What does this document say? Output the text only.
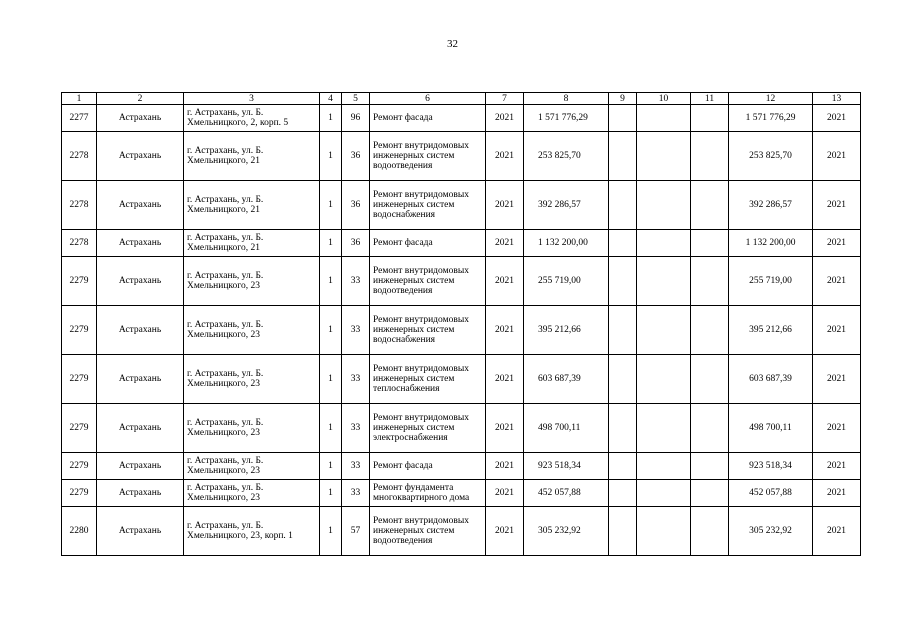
32
1	2	3	4	5	6	7	8	9	10	11	12	13
2277	Астрахань	г. Астрахань, ул. Б. Хмельницкого, 2, корп. 5	1	96	Ремонт фасада	2021	1 571 776,29				1 571 776,29	2021
2278	Астрахань	г. Астрахань, ул. Б. Хмельницкого, 21	1	36	Ремонт внутридомовых инженерных систем водоотведения	2021	253 825,70				253 825,70	2021
2278	Астрахань	г. Астрахань, ул. Б. Хмельницкого, 21	1	36	Ремонт внутридомовых инженерных систем водоснабжения	2021	392 286,57				392 286,57	2021
2278	Астрахань	г. Астрахань, ул. Б. Хмельницкого, 21	1	36	Ремонт фасада	2021	1 132 200,00				1 132 200,00	2021
2279	Астрахань	г. Астрахань, ул. Б. Хмельницкого, 23	1	33	Ремонт внутридомовых инженерных систем водоотведения	2021	255 719,00				255 719,00	2021
2279	Астрахань	г. Астрахань, ул. Б. Хмельницкого, 23	1	33	Ремонт внутридомовых инженерных систем водоснабжения	2021	395 212,66				395 212,66	2021
2279	Астрахань	г. Астрахань, ул. Б. Хмельницкого, 23	1	33	Ремонт внутридомовых инженерных систем теплоснабжения	2021	603 687,39				603 687,39	2021
2279	Астрахань	г. Астрахань, ул. Б. Хмельницкого, 23	1	33	Ремонт внутридомовых инженерных систем электроснабжения	2021	498 700,11				498 700,11	2021
2279	Астрахань	г. Астрахань, ул. Б. Хмельницкого, 23	1	33	Ремонт фасада	2021	923 518,34				923 518,34	2021
2279	Астрахань	г. Астрахань, ул. Б. Хмельницкого, 23	1	33	Ремонт фундамента многоквартирного дома	2021	452 057,88				452 057,88	2021
2280	Астрахань	г. Астрахань, ул. Б. Хмельницкого, 23, корп. 1	1	57	Ремонт внутридомовых инженерных систем водоотведения	2021	305 232,92				305 232,92	2021
